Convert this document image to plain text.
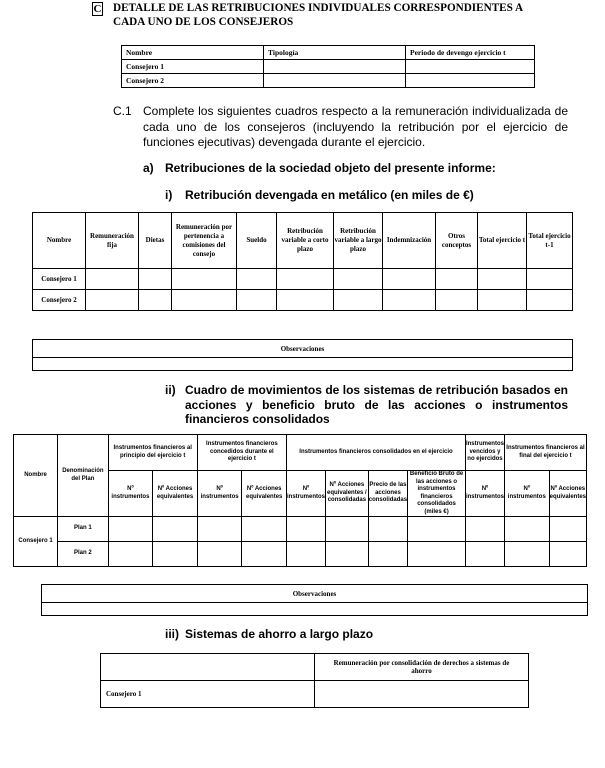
C DETALLE DE LAS RETRIBUCIONES INDIVIDUALES CORRESPONDIENTES A CADA UNO DE LOS CONSEJEROS
Nombre	Tipología	Periodo de devengo ejercicio t
Consejero 1		
Consejero 2		
C.1 Complete los siguientes cuadros respecto a la remuneración individualizada de cada uno de los consejeros (incluyendo la retribución por el ejercicio de funciones ejecutivas) devengada durante el ejercicio.
a) Retribuciones de la sociedad objeto del presente informe:
i) Retribución devengada en metálico (en miles de €)
Nombre	Remuneración fija	Dietas	Remuneración por pertenencia a comisiones del consejo	Sueldo	Retribución variable a corto plazo	Retribución variable a largo plazo	Indemnización	Otros conceptos	Total ejercicio t	Total ejercicio t-1
Consejero 1										
Consejero 2										
Observaciones

ii) Cuadro de movimientos de los sistemas de retribución basados en acciones y beneficio bruto de las acciones o instrumentos financieros consolidados
Nombre	Denominación del Plan	Instrumentos financieros al principio del ejercicio t		Instrumentos financieros concedidos durante el ejercicio t		Instrumentos financieros consolidados en el ejercicio				Instrumentos vencidos y no ejercidos	Instrumentos financieros al final del ejercicio t	
		Nº instrumentos	Nº Acciones equivalentes	Nº instrumentos	Nº Acciones equivalentes	Nº instrumentos	Nº Acciones equivalentes / consolidadas	Precio de las acciones consolidadas	Beneficio Bruto de las acciones o instrumentos financieros consolidados (miles €)	Nº instrumentos	Nº instrumentos	Nº Acciones equivalentes
Consejero 1	Plan 1											
	Plan 2											
Observaciones

iii) Sistemas de ahorro a largo plazo
	Remuneración por consolidación de derechos a sistemas de ahorro
Consejero 1	
